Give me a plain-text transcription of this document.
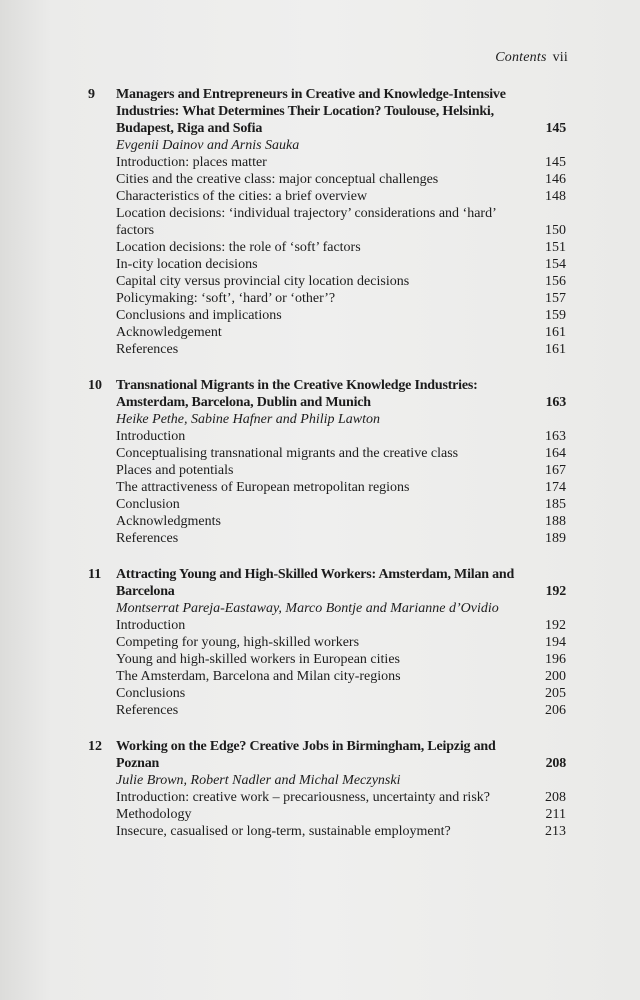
Contents vii
9	Managers and Entrepreneurs in Creative and Knowledge-Intensive Industries: What Determines Their Location? Toulouse, Helsinki, Budapest, Riga and Sofia	145
Evgenii Dainov and Arnis Sauka
Introduction: places matter	145
Cities and the creative class: major conceptual challenges	146
Characteristics of the cities: a brief overview	148
Location decisions: ‘individual trajectory’ considerations and ‘hard’ factors	150
Location decisions: the role of ‘soft’ factors	151
In-city location decisions	154
Capital city versus provincial city location decisions	156
Policymaking: ‘soft’, ‘hard’ or ‘other’?	157
Conclusions and implications	159
Acknowledgement	161
References	161
10	Transnational Migrants in the Creative Knowledge Industries: Amsterdam, Barcelona, Dublin and Munich	163
Heike Pethe, Sabine Hafner and Philip Lawton
Introduction	163
Conceptualising transnational migrants and the creative class	164
Places and potentials	167
The attractiveness of European metropolitan regions	174
Conclusion	185
Acknowledgments	188
References	189
11	Attracting Young and High-Skilled Workers: Amsterdam, Milan and Barcelona	192
Montserrat Pareja-Eastaway, Marco Bontje and Marianne d’Ovidio
Introduction	192
Competing for young, high-skilled workers	194
Young and high-skilled workers in European cities	196
The Amsterdam, Barcelona and Milan city-regions	200
Conclusions	205
References	206
12	Working on the Edge? Creative Jobs in Birmingham, Leipzig and Poznan	208
Julie Brown, Robert Nadler and Michal Meczynski
Introduction: creative work – precariousness, uncertainty and risk?	208
Methodology	211
Insecure, casualised or long-term, sustainable employment?	213
